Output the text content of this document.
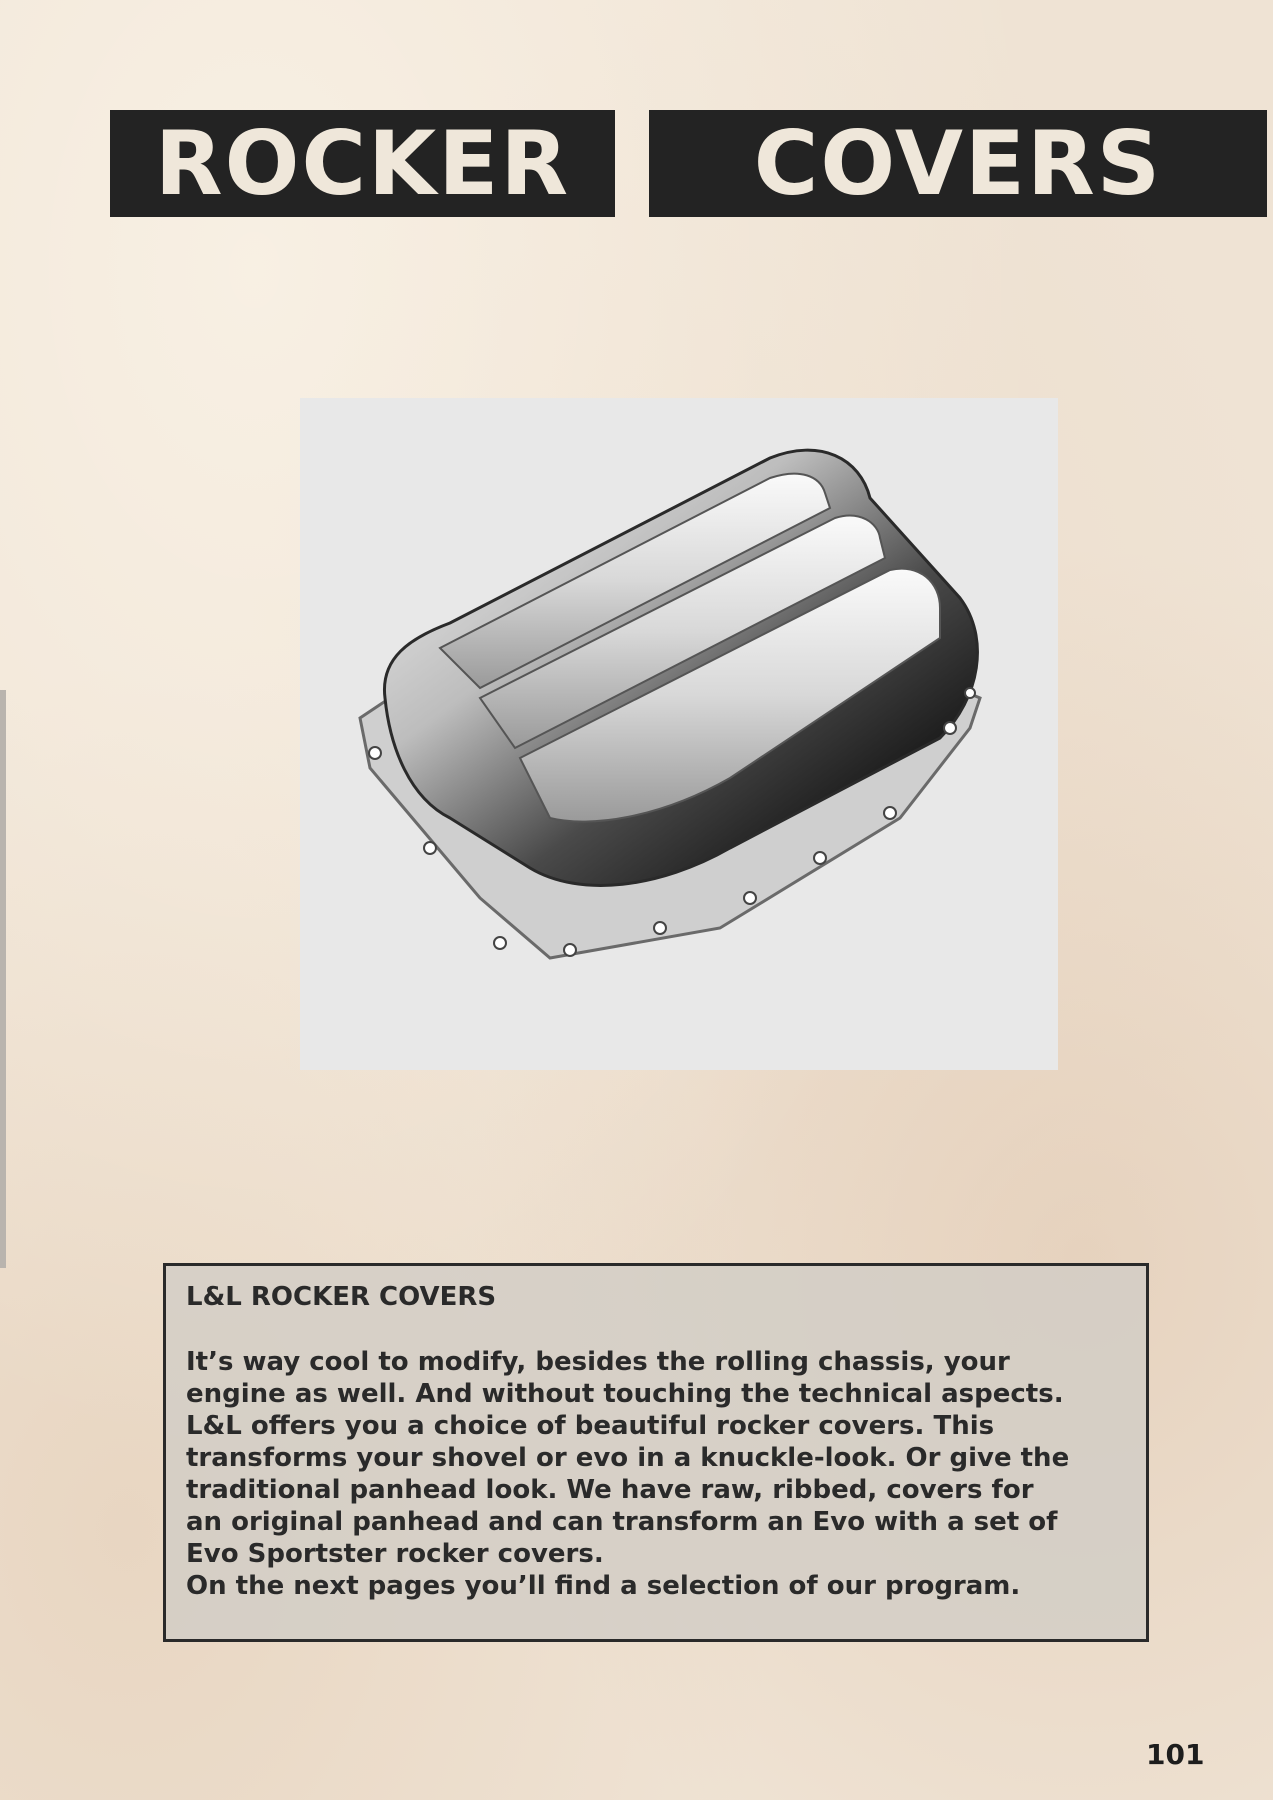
ROCKER	COVERS
L&L ROCKER COVERS
It’s way cool to modify, besides the rolling chassis, your
engine as well. And without touching the technical aspects.
L&L offers you a choice of beautiful rocker covers. This
transforms your shovel or evo in a knuckle-look. Or give the
traditional panhead look. We have raw, ribbed, covers for
an original panhead and can transform an Evo with a set of
Evo Sportster rocker covers.
On the next pages you’ll find a selection of our program.
101
